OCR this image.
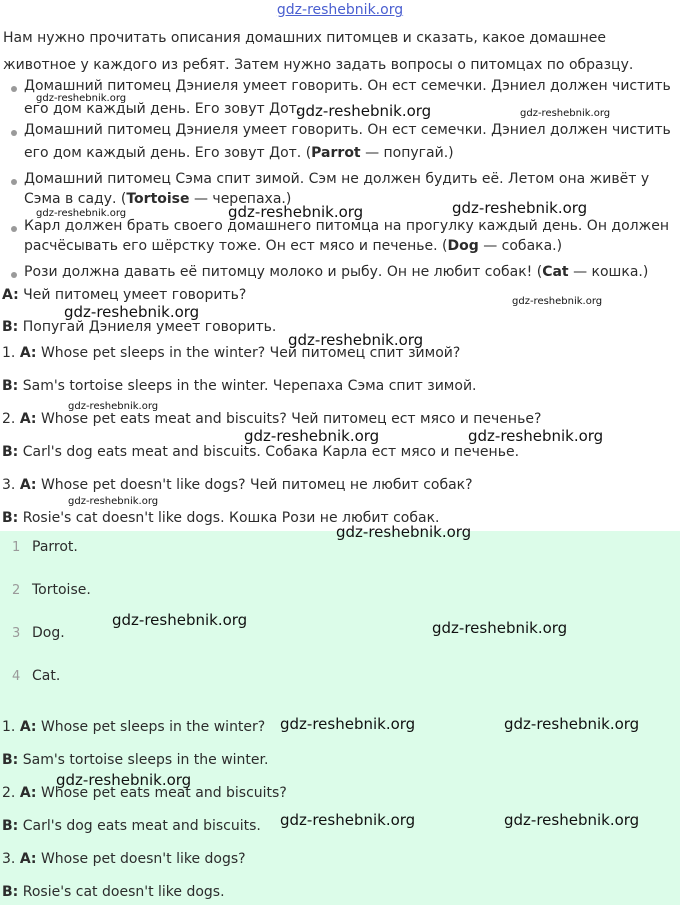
gdz-reshebnik.org
Нам нужно прочитать описания домашних питомцев и сказать, какое домашнее
животное у каждого из ребят. Затем нужно задать вопросы о питомцах по образцу.
Домашний питомец Дэниеля умеет говорить. Он ест семечки. Дэниел должен чистить
его дом каждый день. Его зовут Дот.
Домашний питомец Дэниеля умеет говорить. Он ест семечки. Дэниел должен чистить
его дом каждый день. Его зовут Дот. (Parrot — попугай.)
Домашний питомец Сэма спит зимой. Сэм не должен будить её. Летом она живёт у
Сэма в саду. (Tortoise — черепаха.)
Карл должен брать своего домашнего питомца на прогулку каждый день. Он должен
расчёсывать его шёрстку тоже. Он ест мясо и печенье. (Dog — собака.)
Рози должна давать её питомцу молоко и рыбу. Он не любит собак! (Cat — кошка.)
A: Чей питомец умеет говорить?
B: Попугай Дэниеля умеет говорить.
1. A: Whose pet sleeps in the winter? Чей питомец спит зимой?
B: Sam's tortoise sleeps in the winter. Черепаха Сэма спит зимой.
2. A: Whose pet eats meat and biscuits? Чей питомец ест мясо и печенье?
B: Carl's dog eats meat and biscuits. Собака Карла ест мясо и печенье.
3. A: Whose pet doesn't like dogs? Чей питомец не любит собак?
B: Rosie's cat doesn't like dogs. Кошка Рози не любит собак.
1 Parrot.
2 Tortoise.
3 Dog.
4 Cat.
1. A: Whose pet sleeps in the winter?
B: Sam's tortoise sleeps in the winter.
2. A: Whose pet eats meat and biscuits?
B: Carl's dog eats meat and biscuits.
3. A: Whose pet doesn't like dogs?
B: Rosie's cat doesn't like dogs.
gdz-reshebnik.org
gdz-reshebnik.org	gdz-reshebnik.org
gdz-reshebnik.org	gdz-reshebnik.org	gdz-reshebnik.org
gdz-reshebnik.org
gdz-reshebnik.org
gdz-reshebnik.org
gdz-reshebnik.org
gdz-reshebnik.org	gdz-reshebnik.org
gdz-reshebnik.org
gdz-reshebnik.org
gdz-reshebnik.org	gdz-reshebnik.org
gdz-reshebnik.org	gdz-reshebnik.org
gdz-reshebnik.org
gdz-reshebnik.org	gdz-reshebnik.org
